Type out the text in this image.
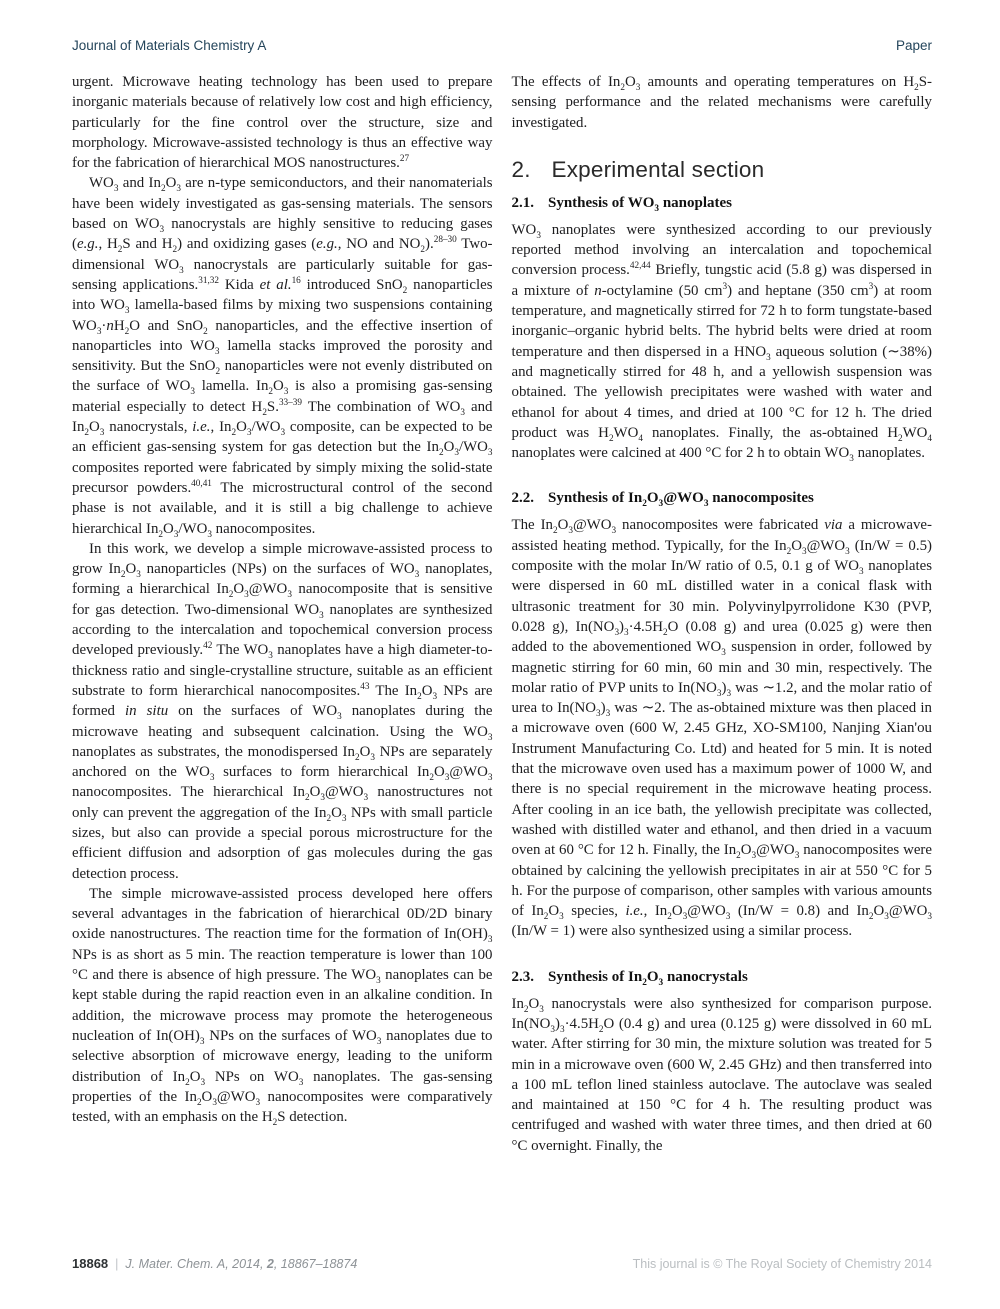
Journal of Materials Chemistry A	Paper

urgent. Microwave heating technology has been used to prepare inorganic materials because of relatively low cost and high efficiency, particularly for the fine control over the structure, size and morphology. Microwave-assisted technology is thus an effective way for the fabrication of hierarchical MOS nanostructures.$^{27}$

$WO_3$ and $In_2O_3$ are n-type semiconductors, and their nanomaterials have been widely investigated as gas-sensing materials. The sensors based on $WO_3$ nanocrystals are highly sensitive to reducing gases (e.g., $H_2S$ and $H_2$) and oxidizing gases (e.g., NO and $NO_2).^{28-30}$ Two-dimensional $WO_3$ nanocrystals are particularly suitable for gas-sensing applications.$^{31,32}$ Kida et al.$^{16}$ introduced SnO$_2$ nanoparticles into $WO_3$ lamella-based films by mixing two suspensions containing $WO_3\cdot nH_2O$ and SnO$_2$ nanoparticles, and the effective insertion of nanoparticles into $WO_3$ lamella stacks improved the porosity and sensitivity. But the SnO$_2$ nanoparticles were not evenly distributed on the surface of $WO_3$ lamella. $In_2O_3$ is also a promising gas-sensing material especially to detect $H_2S.^{33-39}$ The combination of $WO_3$ and $In_2O_3$ nanocrystals, i.e., $In_2O_3/WO_3$ composite, can be expected to be an efficient gas-sensing system for gas detection but the $In_2O_3/WO_3$ composites reported were fabricated by simply mixing the solid-state precursor powders.$^{40,41}$ The microstructural control of the second phase is not available, and it is still a big challenge to achieve hierarchical $In_2O_3/WO_3$ nanocomposites.

In this work, we develop a simple microwave-assisted process to grow $In_2O_3$ nanoparticles (NPs) on the surfaces of $WO_3$ nanoplates, forming a hierarchical $In_2O_3@WO_3$ nanocomposite that is sensitive for gas detection. Two-dimensional $WO_3$ nanoplates are synthesized according to the intercalation and topochemical conversion process developed previously.$^{42}$ The $WO_3$ nanoplates have a high diameter-to-thickness ratio and single-crystalline structure, suitable as an efficient substrate to form hierarchical nanocomposites.$^{43}$ The $In_2O_3$ NPs are formed in situ on the surfaces of $WO_3$ nanoplates during the microwave heating and subsequent calcination. Using the $WO_3$ nanoplates as substrates, the monodispersed $In_2O_3$ NPs are separately anchored on the $WO_3$ surfaces to form hierarchical $In_2O_3@WO_3$ nanocomposites. The hierarchical $In_2O_3@WO_3$ nanostructures not only can prevent the aggregation of the $In_2O_3$ NPs with small particle sizes, but also can provide a special porous microstructure for the efficient diffusion and adsorption of gas molecules during the gas detection process.

The simple microwave-assisted process developed here offers several advantages in the fabrication of hierarchical 0D/2D binary oxide nanostructures. The reaction time for the formation of $In(OH)_3$ NPs is as short as 5 min. The reaction temperature is lower than 100 °C and there is absence of high pressure. The $WO_3$ nanoplates can be kept stable during the rapid reaction even in an alkaline condition. In addition, the microwave process may promote the heterogeneous nucleation of $In(OH)_3$ NPs on the surfaces of $WO_3$ nanoplates due to selective absorption of microwave energy, leading to the uniform distribution of $In_2O_3$ NPs on $WO_3$ nanoplates. The gas-sensing properties of the $In_2O_3@WO_3$ nanocomposites were comparatively tested, with an emphasis on the $H_2S$ detection.

The effects of $In_2O_3$ amounts and operating temperatures on $H_2S$-sensing performance and the related mechanisms were carefully investigated.

2. Experimental section
2.1. Synthesis of $WO_3$ nanoplates

$WO_3$ nanoplates were synthesized according to our previously reported method involving an intercalation and topochemical conversion process.$^{42,44}$ Briefly, tungstic acid (5.8 g) was dispersed in a mixture of n-octylamine (50 $cm^3$) and heptane (350 $cm^3$) at room temperature, and magnetically stirred for 72 h to form tungstate-based inorganic–organic hybrid belts. The hybrid belts were dried at room temperature and then dispersed in a $HNO_3$ aqueous solution (∼38%) and magnetically stirred for 48 h, and a yellowish suspension was obtained. The yellowish precipitates were washed with water and ethanol for about 4 times, and dried at 100 °C for 12 h. The dried product was $H_2WO_4$ nanoplates. Finally, the as-obtained $H_2WO_4$ nanoplates were calcined at 400 °C for 2 h to obtain $WO_3$ nanoplates.

2.2. Synthesis of $In_2O_3@WO_3$ nanocomposites

The $In_2O_3@WO_3$ nanocomposites were fabricated via a microwave-assisted heating method. Typically, for the $In_2O_3@WO_3$ (In/W = 0.5) composite with the molar In/W ratio of 0.5, 0.1 g of $WO_3$ nanoplates were dispersed in 60 mL distilled water in a conical flask with ultrasonic treatment for 30 min. Polyvinylpyrrolidone K30 (PVP, 0.028 g), $In(NO_3)_3\cdot 4.5H_2O$ (0.08 g) and urea (0.025 g) were then added to the abovementioned $WO_3$ suspension in order, followed by magnetic stirring for 60 min, 60 min and 30 min, respectively. The molar ratio of PVP units to $In(NO_3)_3$ was ∼1.2, and the molar ratio of urea to $In(NO_3)_3$ was ∼2. The as-obtained mixture was then placed in a microwave oven (600 W, 2.45 GHz, XO-SM100, Nanjing Xian'ou Instrument Manufacturing Co. Ltd) and heated for 5 min. It is noted that the microwave oven used has a maximum power of 1000 W, and there is no special requirement in the microwave heating process. After cooling in an ice bath, the yellowish precipitate was collected, washed with distilled water and ethanol, and then dried in a vacuum oven at 60 °C for 12 h. Finally, the $In_2O_3@WO_3$ nanocomposites were obtained by calcining the yellowish precipitates in air at 550 °C for 5 h. For the purpose of comparison, other samples with various amounts of $In_2O_3$ species, i.e., $In_2O_3@WO_3$ (In/W = 0.8) and $In_2O_3@WO_3$ (In/W = 1) were also synthesized using a similar process.

2.3. Synthesis of $In_2O_3$ nanocrystals

$In_2O_3$ nanocrystals were also synthesized for comparison purpose. $In(NO_3)_3\cdot 4.5H_2O$ (0.4 g) and urea (0.125 g) were dissolved in 60 mL water. After stirring for 30 min, the mixture solution was treated for 5 min in a microwave oven (600 W, 2.45 GHz) and then transferred into a 100 mL teflon lined stainless autoclave. The autoclave was sealed and maintained at 150 °C for 4 h. The resulting product was centrifuged and washed with water three times, and then dried at 60 °C overnight. Finally, the

18868 | J. Mater. Chem. A, 2014, 2, 18867–18874	This journal is © The Royal Society of Chemistry 2014
